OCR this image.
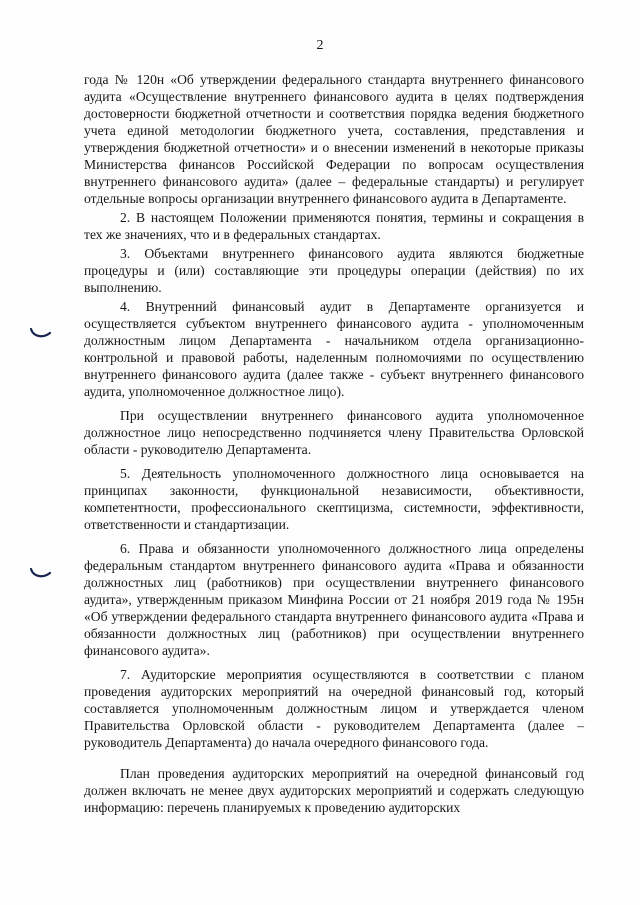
2

года № 120н «Об утверждении федерального стандарта внутреннего финансового аудита «Осуществление внутреннего финансового аудита в целях подтверждения достоверности бюджетной отчетности и соответствия порядка ведения бюджетного учета единой методологии бюджетного учета, составления, представления и утверждения бюджетной отчетности» и о внесении изменений в некоторые приказы Министерства финансов Российской Федерации по вопросам осуществления внутреннего финансового аудита» (далее – федеральные стандарты) и регулирует отдельные вопросы организации внутреннего финансового аудита в Департаменте.

2. В настоящем Положении применяются понятия, термины и сокращения в тех же значениях, что и в федеральных стандартах.

3. Объектами внутреннего финансового аудита являются бюджетные процедуры и (или) составляющие эти процедуры операции (действия) по их выполнению.

4. Внутренний финансовый аудит в Департаменте организуется и осуществляется субъектом внутреннего финансового аудита - уполномоченным должностным лицом Департамента - начальником отдела организационно-контрольной и правовой работы, наделенным полномочиями по осуществлению внутреннего финансового аудита (далее также - субъект внутреннего финансового аудита, уполномоченное должностное лицо).

При осуществлении внутреннего финансового аудита уполномоченное должностное лицо непосредственно подчиняется члену Правительства Орловской области - руководителю Департамента.

5. Деятельность уполномоченного должностного лица основывается на принципах законности, функциональной независимости, объективности, компетентности, профессионального скептицизма, системности, эффективности, ответственности и стандартизации.

6. Права и обязанности уполномоченного должностного лица определены федеральным стандартом внутреннего финансового аудита «Права и обязанности должностных лиц (работников) при осуществлении внутреннего финансового аудита», утвержденным приказом Минфина России от 21 ноября 2019 года № 195н «Об утверждении федерального стандарта внутреннего финансового аудита «Права и обязанности должностных лиц (работников) при осуществлении внутреннего финансового аудита».

7. Аудиторские мероприятия осуществляются в соответствии с планом проведения аудиторских мероприятий на очередной финансовый год, который составляется уполномоченным должностным лицом и утверждается членом Правительства Орловской области - руководителем Департамента (далее – руководитель Департамента) до начала очередного финансового года.

План проведения аудиторских мероприятий на очередной финансовый год должен включать не менее двух аудиторских мероприятий и содержать следующую информацию: перечень планируемых к проведению аудиторских
